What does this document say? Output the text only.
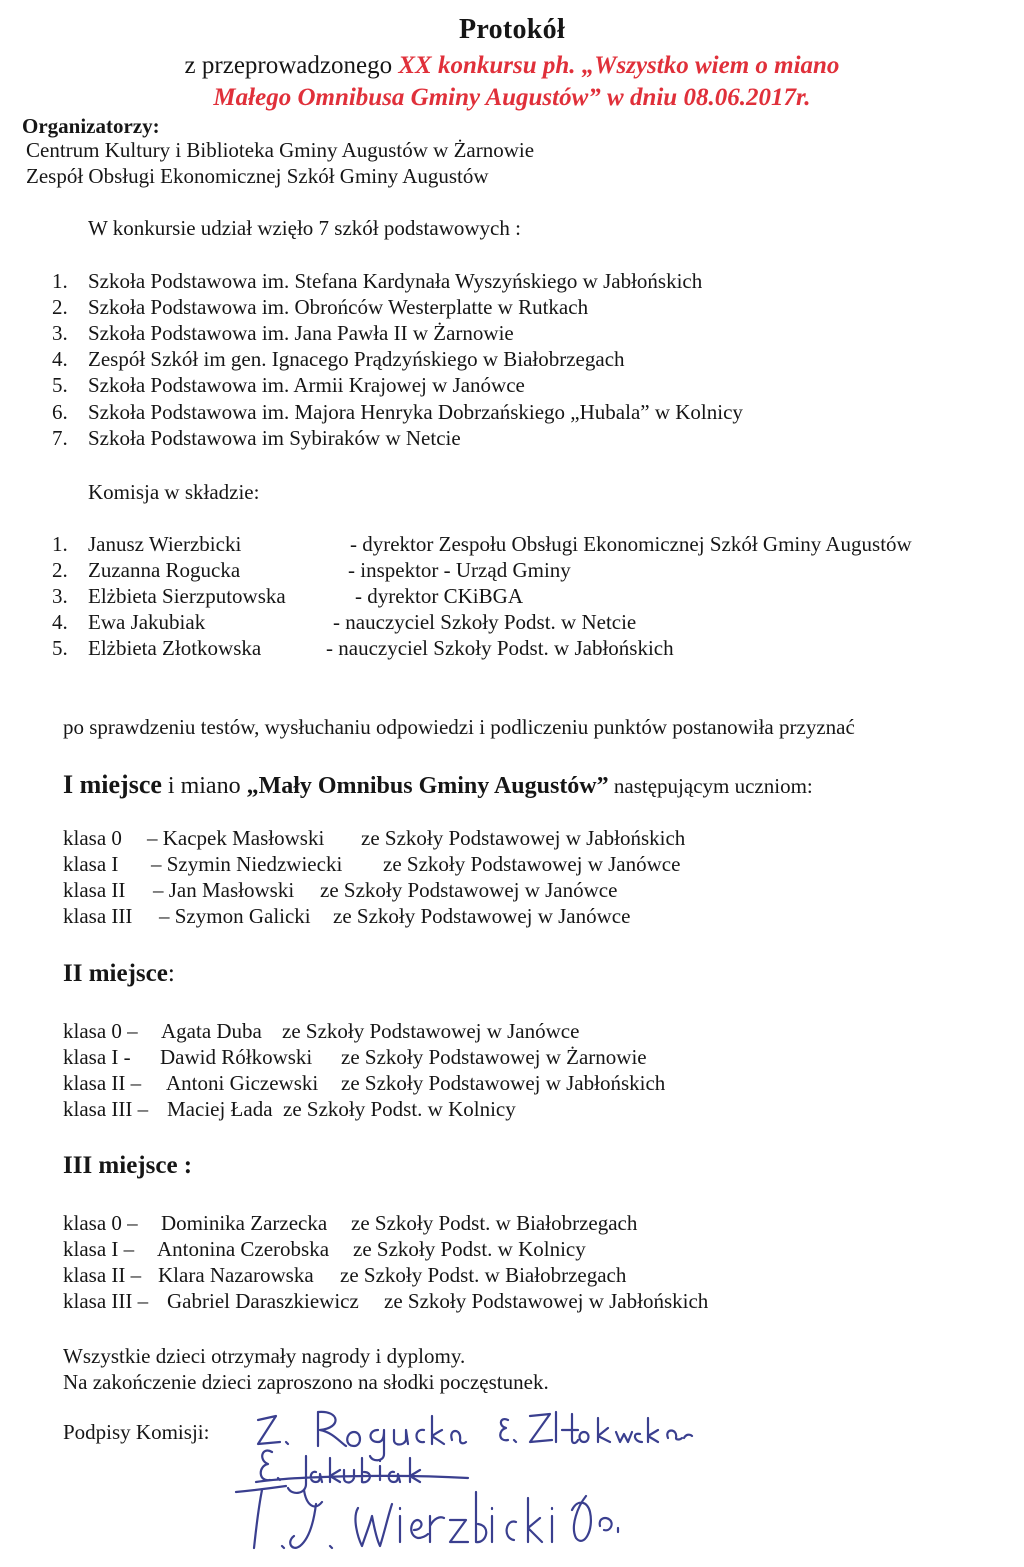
Protokół
z przeprowadzonego XX konkursu ph. „Wszystko wiem o miano
Małego Omnibusa Gminy Augustów” w dniu 08.06.2017r.
Organizatorzy:
Centrum Kultury i Biblioteka Gminy Augustów w Żarnowie
Zespół Obsługi Ekonomicznej Szkół Gminy Augustów
W konkursie udział wzięło 7 szkół podstawowych :
1. Szkoła Podstawowa im. Stefana Kardynała Wyszyńskiego w Jabłońskich
2. Szkoła Podstawowa im. Obrońców Westerplatte w Rutkach
3. Szkoła Podstawowa im. Jana Pawła II w Żarnowie
4. Zespół Szkół im gen. Ignacego Prądzyńskiego w Białobrzegach
5. Szkoła Podstawowa im. Armii Krajowej w Janówce
6. Szkoła Podstawowa im. Majora Henryka Dobrzańskiego „Hubala” w Kolnicy
7. Szkoła Podstawowa im Sybiraków w Netcie
Komisja w składzie:
1. Janusz Wierzbicki	- dyrektor Zespołu Obsługi Ekonomicznej Szkół Gminy Augustów
2. Zuzanna Rogucka	- inspektor - Urząd Gminy
3. Elżbieta Sierzputowska	- dyrektor CKiBGA
4. Ewa Jakubiak	- nauczyciel Szkoły Podst. w Netcie
5. Elżbieta Złotkowska	- nauczyciel Szkoły Podst. w Jabłońskich
po sprawdzeniu testów, wysłuchaniu odpowiedzi i podliczeniu punktów postanowiła przyznać
I miejsce i miano „Mały Omnibus Gminy Augustów” następującym uczniom:
klasa 0 – Kacpek Masłowski ze Szkoły Podstawowej w Jabłońskich
klasa I – Szymin Niedzwiecki ze Szkoły Podstawowej w Janówce
klasa II – Jan Masłowski ze Szkoły Podstawowej w Janówce
klasa III – Szymon Galicki ze Szkoły Podstawowej w Janówce
II miejsce:
klasa 0 – Agata Duba ze Szkoły Podstawowej w Janówce
klasa I - Dawid Rółkowski ze Szkoły Podstawowej w Żarnowie
klasa II – Antoni Giczewski ze Szkoły Podstawowej w Jabłońskich
klasa III – Maciej Łada ze Szkoły Podst. w Kolnicy
III miejsce :
klasa 0 – Dominika Zarzecka ze Szkoły Podst. w Białobrzegach
klasa I – Antonina Czerobska ze Szkoły Podst. w Kolnicy
klasa II – Klara Nazarowska ze Szkoły Podst. w Białobrzegach
klasa III – Gabriel Daraszkiewicz ze Szkoły Podstawowej w Jabłońskich
Wszystkie dzieci otrzymały nagrody i dyplomy.
Na zakończenie dzieci zaproszono na słodki poczęstunek.
Podpisy Komisji:
